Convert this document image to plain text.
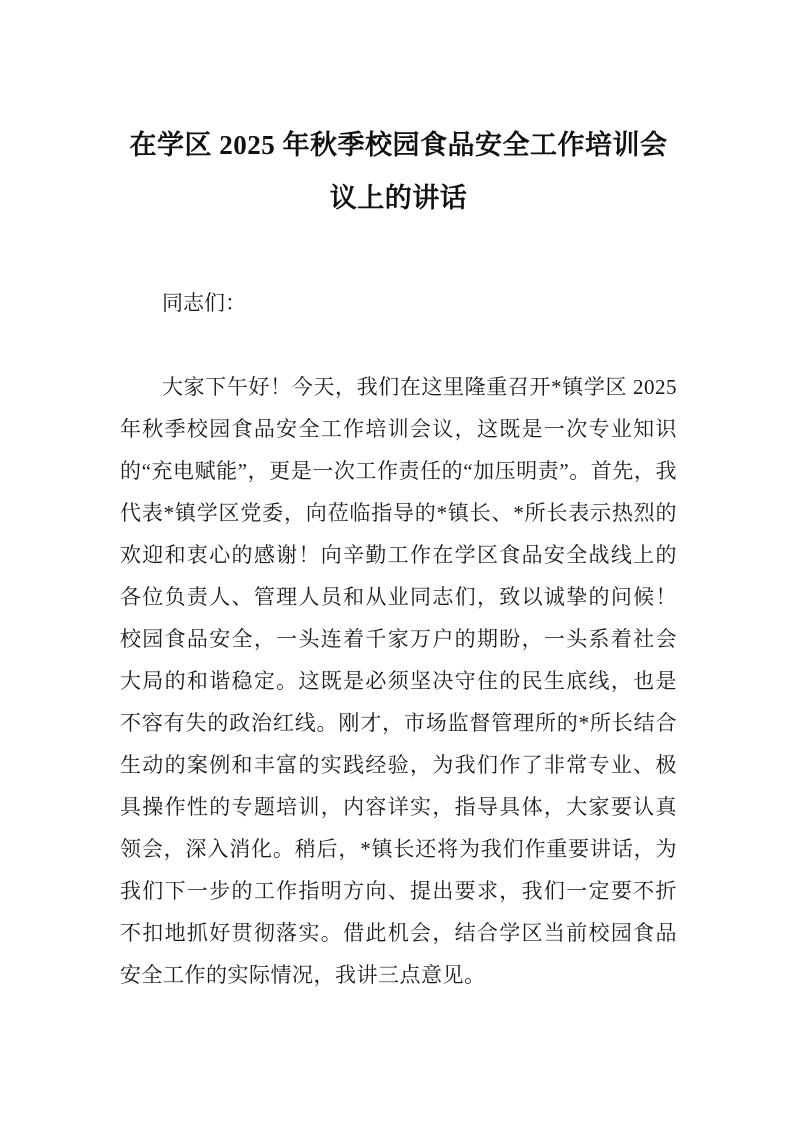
在学区 2025 年秋季校园食品安全工作培训会议上的讲话

同志们：

大家下午好！今天，我们在这里隆重召开*镇学区 2025 年秋季校园食品安全工作培训会议，这既是一次专业知识的“充电赋能”，更是一次工作责任的“加压明责”。首先，我代表*镇学区党委，向莅临指导的*镇长、*所长表示热烈的欢迎和衷心的感谢！向辛勤工作在学区食品安全战线上的各位负责人、管理人员和从业同志们，致以诚挚的问候！校园食品安全，一头连着千家万户的期盼，一头系着社会大局的和谐稳定。这既是必须坚决守住的民生底线，也是不容有失的政治红线。刚才，市场监督管理所的*所长结合生动的案例和丰富的实践经验，为我们作了非常专业、极具操作性的专题培训，内容详实，指导具体，大家要认真领会，深入消化。稍后，*镇长还将为我们作重要讲话，为我们下一步的工作指明方向、提出要求，我们一定要不折不扣地抓好贯彻落实。借此机会，结合学区当前校园食品安全工作的实际情况，我讲三点意见。
